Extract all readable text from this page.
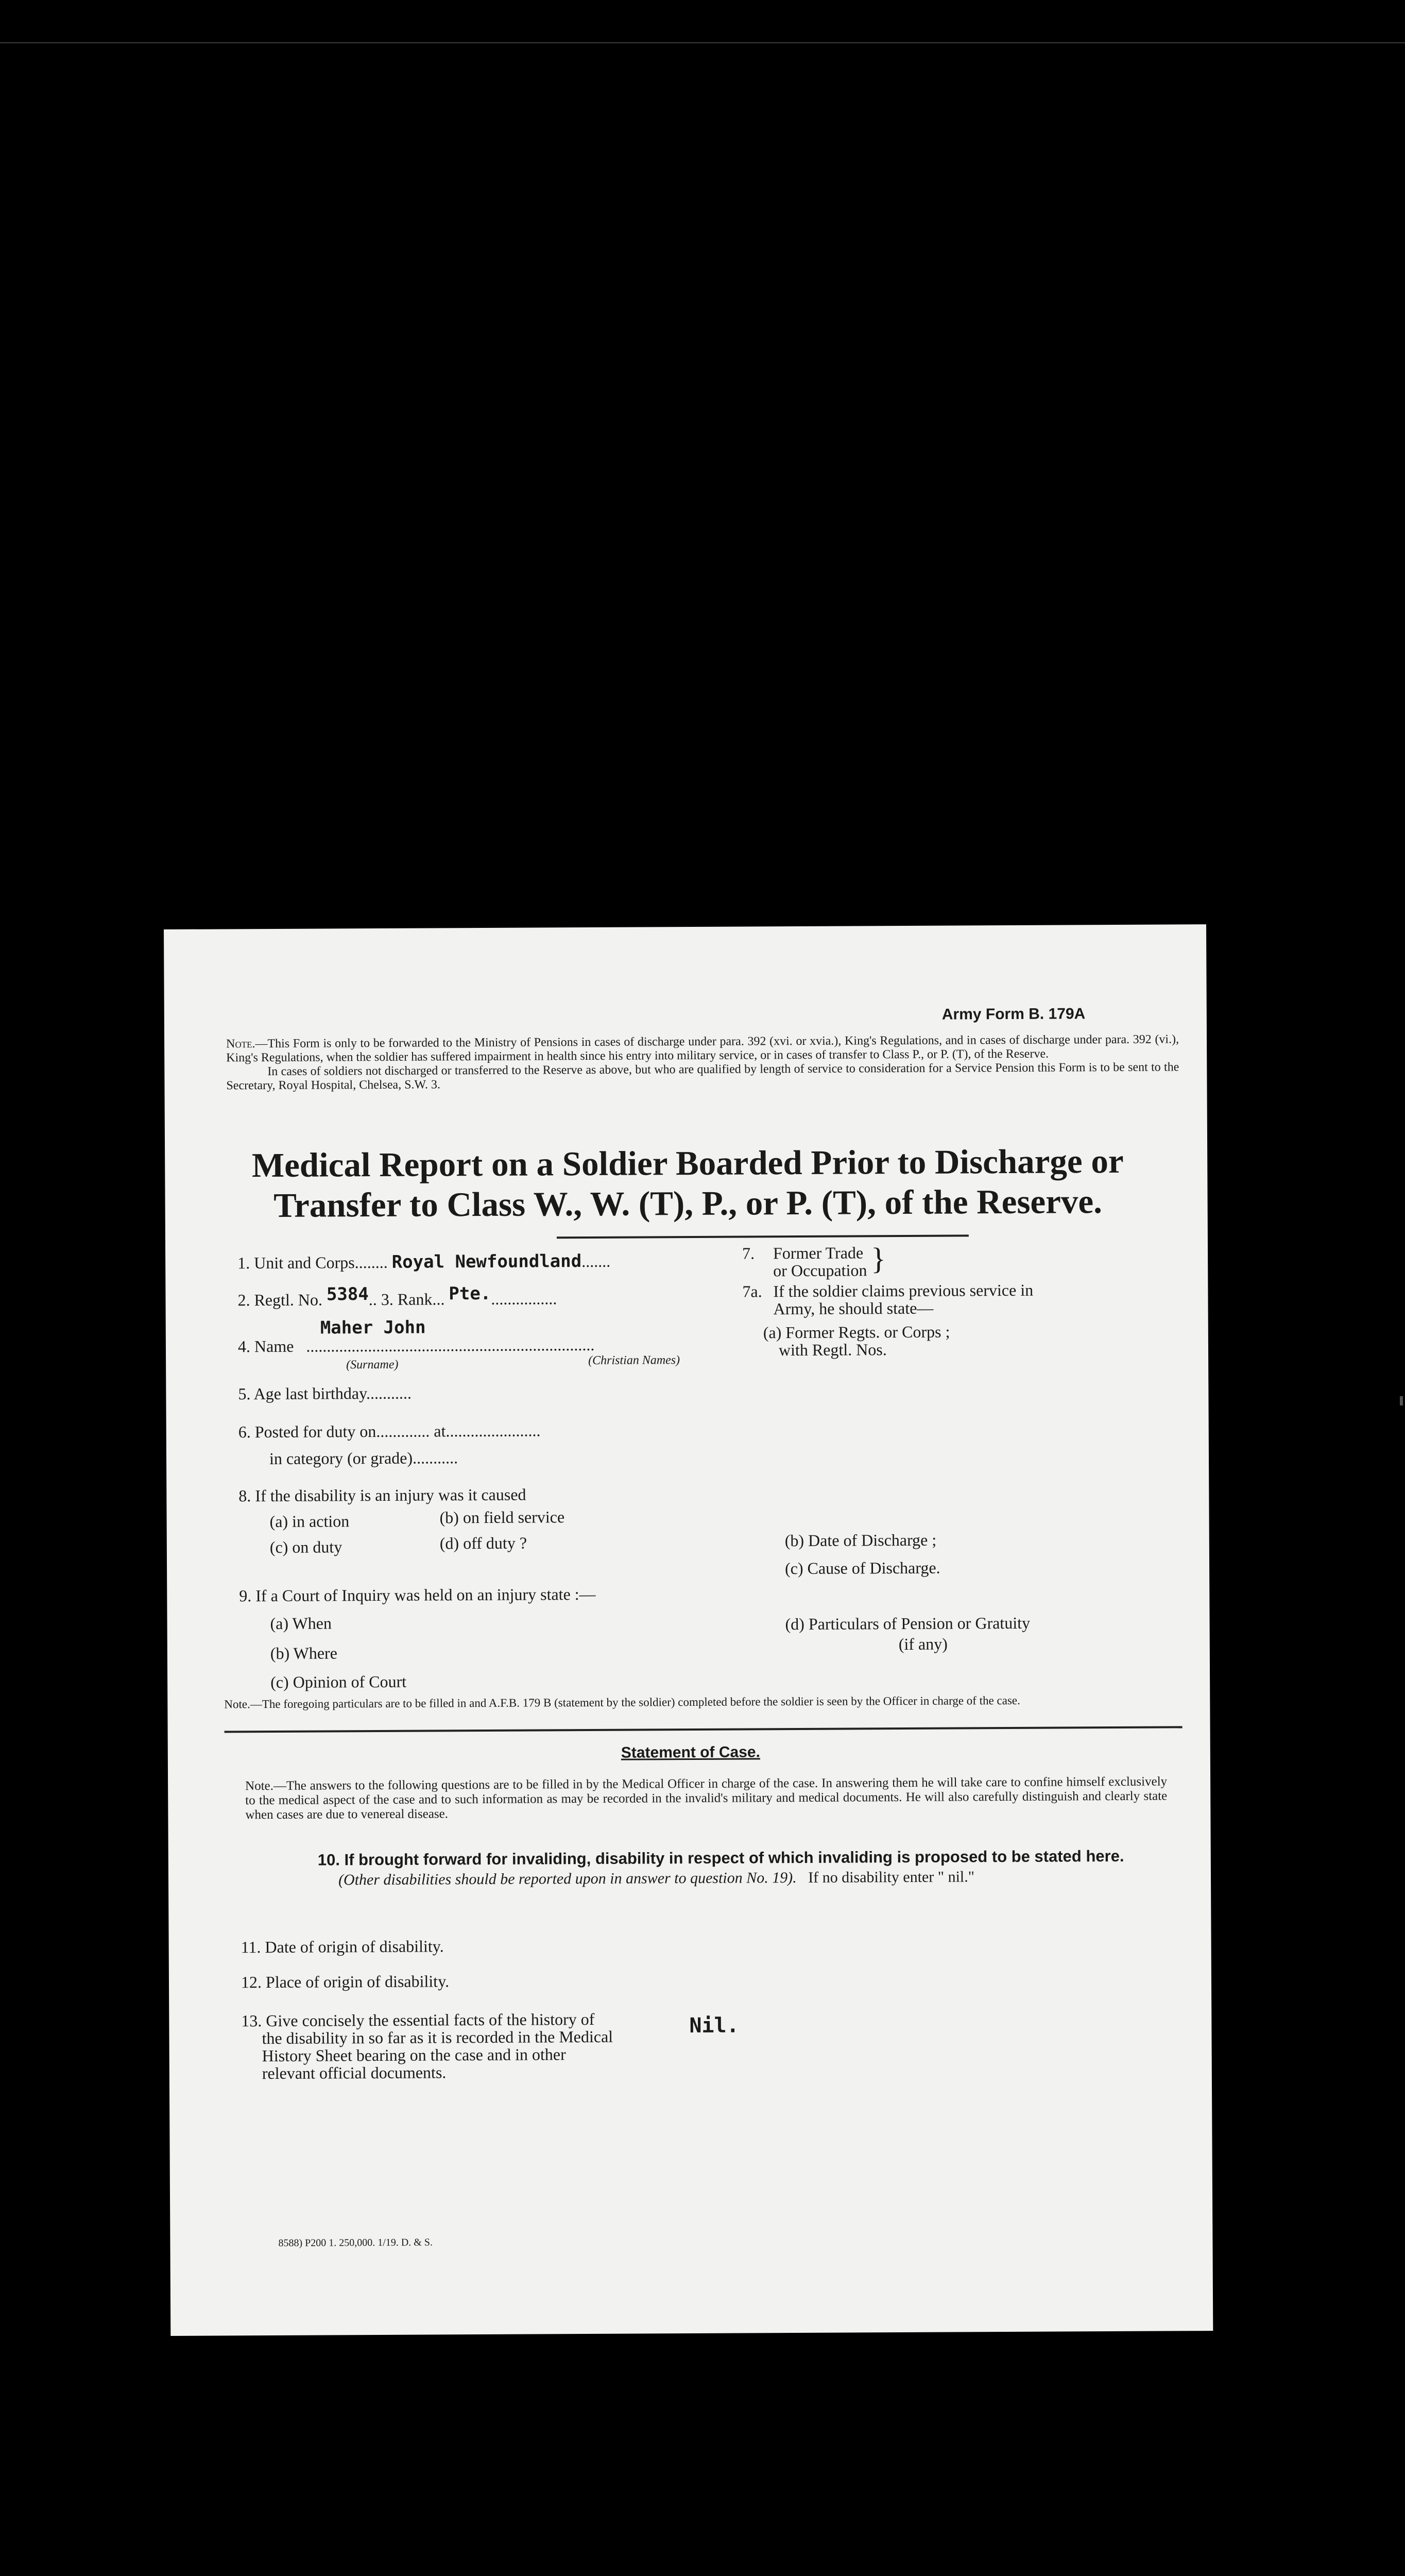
Army Form B. 179A
Note.—This Form is only to be forwarded to the Ministry of Pensions in cases of discharge under para. 392 (xvi. or xvia.), King's Regulations, and in cases of discharge under para. 392 (vi.), King's Regulations, when the soldier has suffered impairment in health since his entry into military service, or in cases of transfer to Class P., or P. (T), of the Reserve.
In cases of soldiers not discharged or transferred to the Reserve as above, but who are qualified by length of service to consideration for a Service Pension this Form is to be sent to the Secretary, Royal Hospital, Chelsea, S.W. 3.
Medical Report on a Soldier Boarded Prior to Discharge or
Transfer to Class W., W. (T), P., or P. (T), of the Reserve.
1. Unit and Corps........ Royal Newfoundland.......
2. Regtl. No. 5384.. 3. Rank... Pte.................
Maher John
4. Name   ......................................................................
(Surname)	(Christian Names)
5. Age last birthday...........
6. Posted for duty on............. at.......................
in category (or grade)...........
8. If the disability is an injury was it caused
(a) in action	(b) on field service
(c) on duty	(d) off duty ?
9. If a Court of Inquiry was held on an injury state :—
(a) When
(b) Where
(c) Opinion of Court
7. Former Trade
or Occupation }
7a. If the soldier claims previous service in
Army, he should state—
(a) Former Regts. or Corps ;
with Regtl. Nos.
(b) Date of Discharge ;
(c) Cause of Discharge.
(d) Particulars of Pension or Gratuity
(if any)
Note.—The foregoing particulars are to be filled in and A.F.B. 179 B (statement by the soldier) completed before the soldier is seen by the Officer in charge of the case.
Statement of Case.
Note.—The answers to the following questions are to be filled in by the Medical Officer in charge of the case. In answering them he will take care to confine himself exclusively to the medical aspect of the case and to such information as may be recorded in the invalid's military and medical documents. He will also carefully distinguish and clearly state when cases are due to venereal disease.
10. If brought forward for invaliding, disability in respect of which invaliding is proposed to be stated here.
(Other disabilities should be reported upon in answer to question No. 19). If no disability enter " nil."
11. Date of origin of disability.
12. Place of origin of disability.
13. Give concisely the essential facts of the history of
the disability in so far as it is recorded in the Medical
History Sheet bearing on the case and in other
relevant official documents.
Nil.
8588) P200 1. 250,000. 1/19. D. & S.
